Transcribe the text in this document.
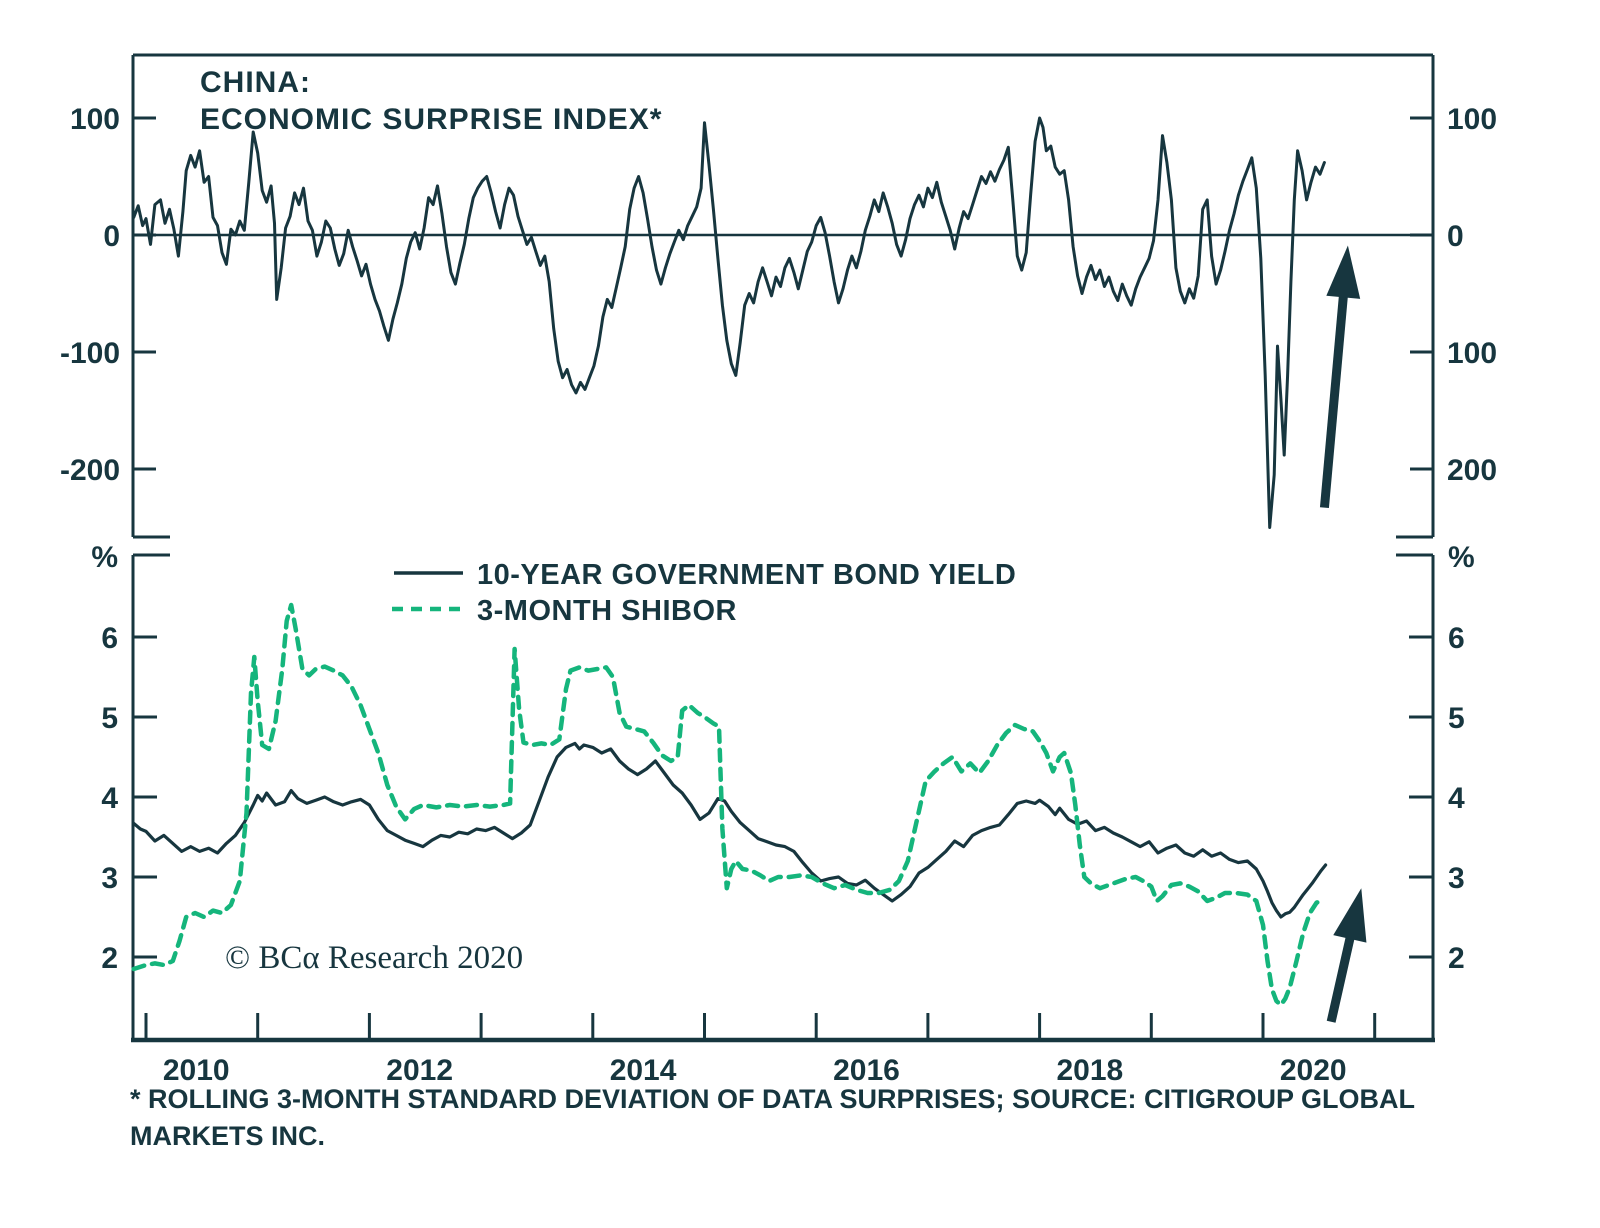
100	100
0	0
-100	100
-200	200
CHINA:
ECONOMIC SURPRISE INDEX*
6	6
5	5
4	4
3	3
2	2
%	%
2010	2012	2014	2016	2018	2020
10-YEAR GOVERNMENT BOND YIELD
3-MONTH SHIBOR
© BCα Research 2020
* ROLLING 3-MONTH STANDARD DEVIATION OF DATA SURPRISES; SOURCE: CITIGROUP GLOBAL
MARKETS INC.
